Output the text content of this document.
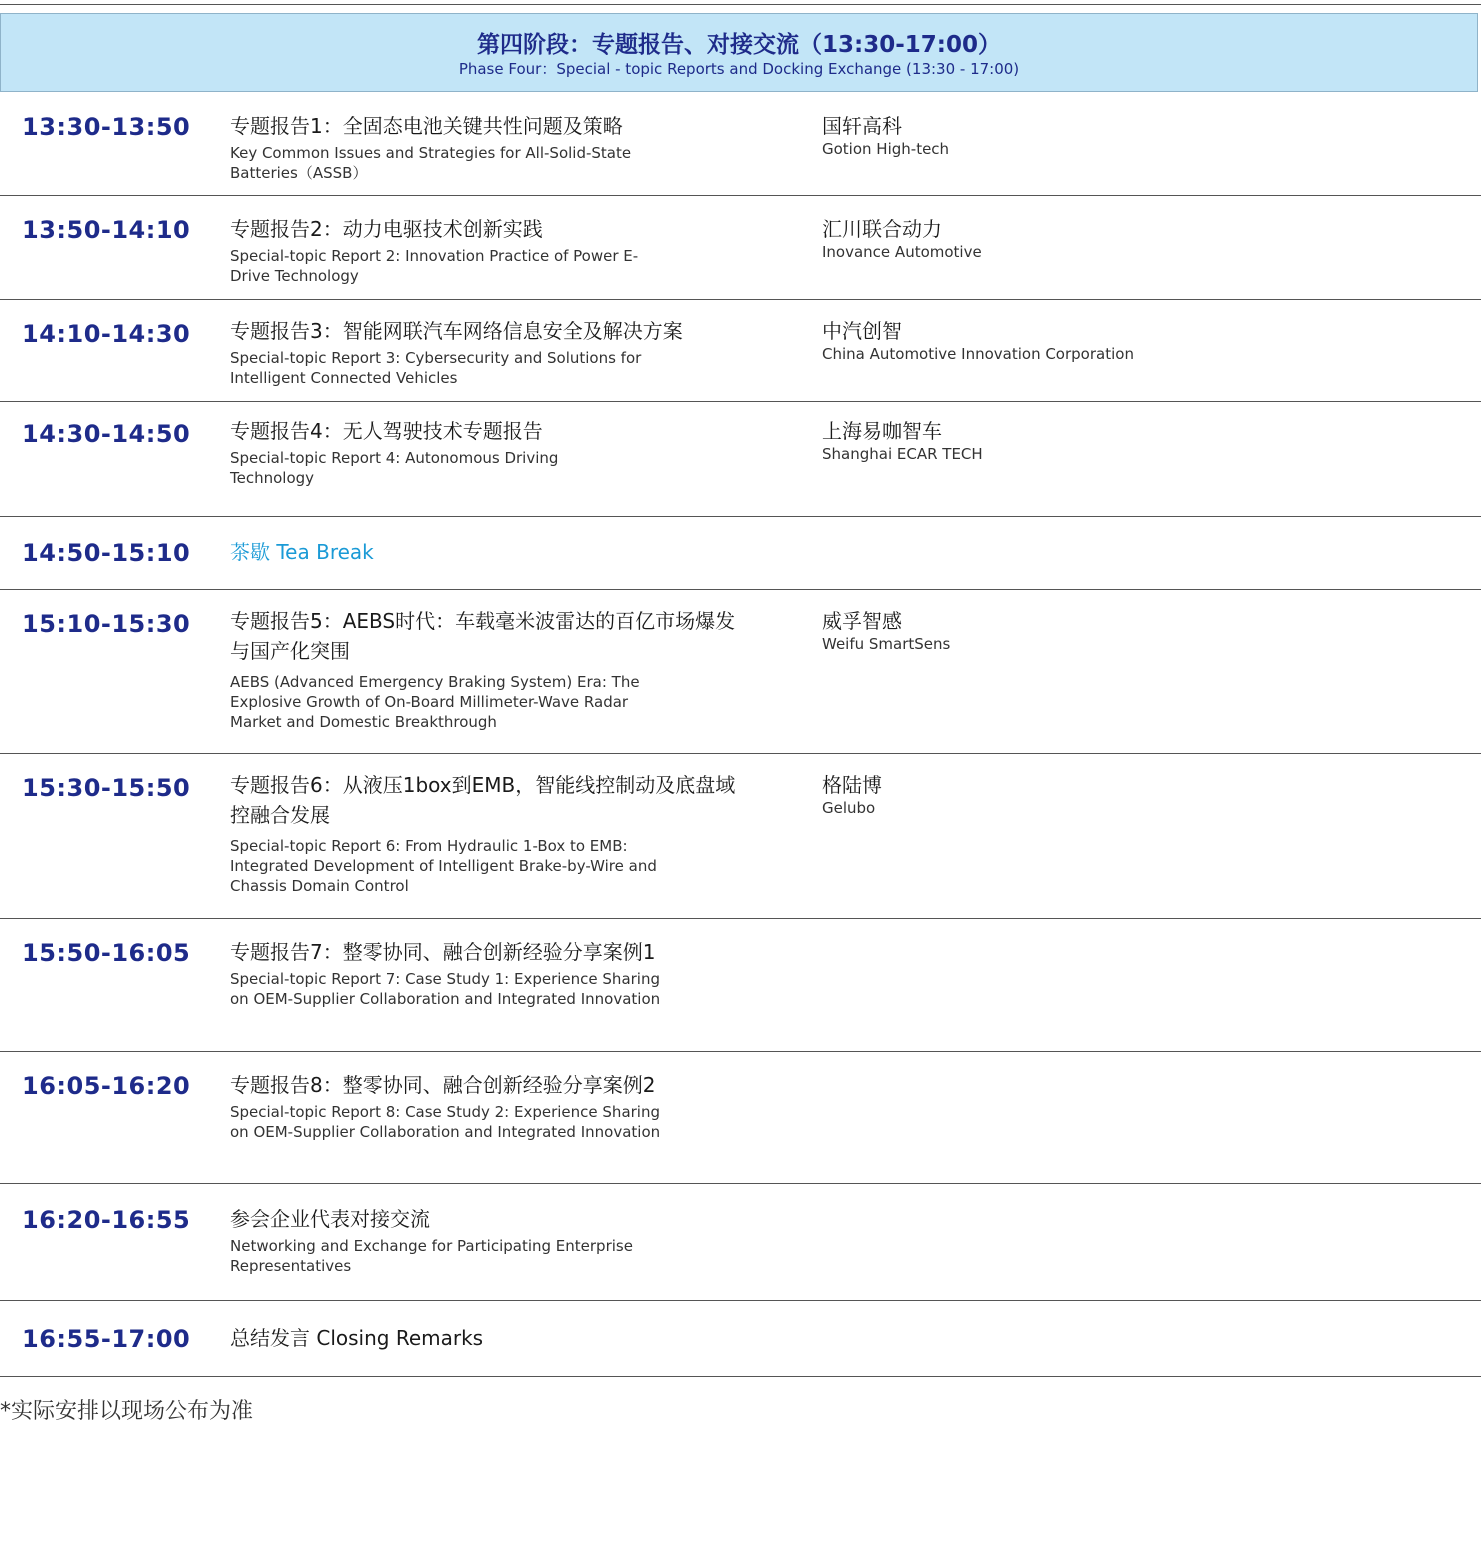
第四阶段：专题报告、对接交流（13:30-17:00）
Phase Four：Special - topic Reports and Docking Exchange (13:30 - 17:00)
13:30-13:50 专题报告1：全固态电池关键共性问题及策略
Key Common Issues and Strategies for All-Solid-State Batteries（ASSB）
国轩高科
Gotion High-tech
13:50-14:10 专题报告2：动力电驱技术创新实践
Special-topic Report 2: Innovation Practice of Power E-Drive Technology
汇川联合动力
Inovance Automotive
14:10-14:30 专题报告3：智能网联汽车网络信息安全及解决方案
Special-topic Report 3: Cybersecurity and Solutions for Intelligent Connected Vehicles
中汽创智
China Automotive Innovation Corporation
14:30-14:50 专题报告4：无人驾驶技术专题报告
Special-topic Report 4: Autonomous Driving Technology
上海易咖智车
Shanghai ECAR TECH
14:50-15:10 茶歇 Tea Break
15:10-15:30 专题报告5：AEBS时代：车载毫米波雷达的百亿市场爆发与国产化突围
AEBS (Advanced Emergency Braking System) Era: The Explosive Growth of On-Board Millimeter-Wave Radar Market and Domestic Breakthrough
威孚智感
Weifu SmartSens
15:30-15:50 专题报告6：从液压1box到EMB，智能线控制动及底盘域控融合发展
Special-topic Report 6: From Hydraulic 1-Box to EMB: Integrated Development of Intelligent Brake-by-Wire and Chassis Domain Control
格陆博
Gelubo
15:50-16:05 专题报告7：整零协同、融合创新经验分享案例1
Special-topic Report 7: Case Study 1: Experience Sharing on OEM-Supplier Collaboration and Integrated Innovation
16:05-16:20 专题报告8：整零协同、融合创新经验分享案例2
Special-topic Report 8: Case Study 2: Experience Sharing on OEM-Supplier Collaboration and Integrated Innovation
16:20-16:55 参会企业代表对接交流
Networking and Exchange for Participating Enterprise Representatives
16:55-17:00 总结发言 Closing Remarks
*实际安排以现场公布为准
